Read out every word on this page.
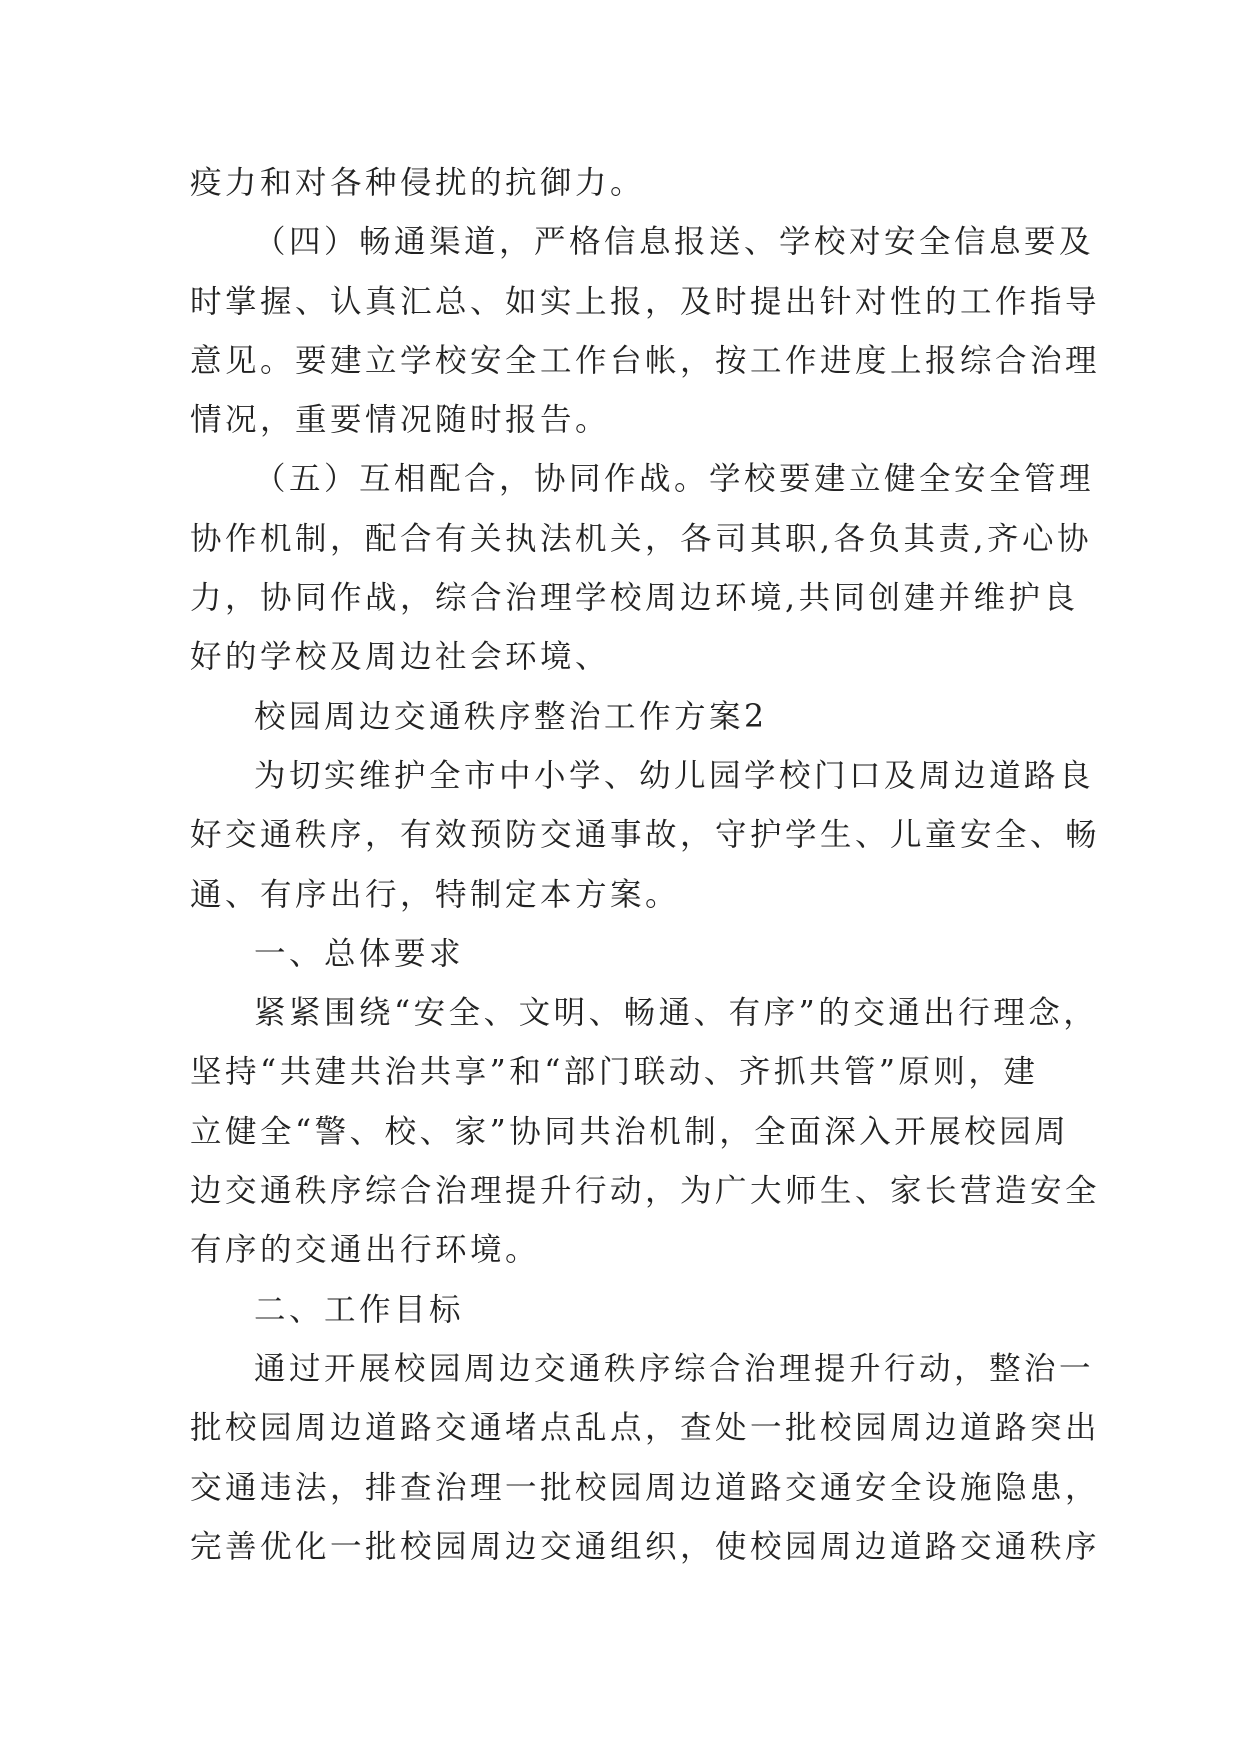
疫力和对各种侵扰的抗御力。
（四）畅通渠道，严格信息报送、学校对安全信息要及
时掌握、认真汇总、如实上报，及时提出针对性的工作指导
意见。要建立学校安全工作台帐，按工作进度上报综合治理
情况，重要情况随时报告。
（五）互相配合，协同作战。学校要建立健全安全管理
协作机制，配合有关执法机关，各司其职,各负其责,齐心协
力，协同作战，综合治理学校周边环境,共同创建并维护良
好的学校及周边社会环境、
校园周边交通秩序整治工作方案2
为切实维护全市中小学、幼儿园学校门口及周边道路良
好交通秩序，有效预防交通事故，守护学生、儿童安全、畅
通、有序出行，特制定本方案。
一、总体要求
紧紧围绕“安全、文明、畅通、有序”的交通出行理念，
坚持“共建共治共享”和“部门联动、齐抓共管”原则，建
立健全“警、校、家”协同共治机制，全面深入开展校园周
边交通秩序综合治理提升行动，为广大师生、家长营造安全
有序的交通出行环境。
二、工作目标
通过开展校园周边交通秩序综合治理提升行动，整治一
批校园周边道路交通堵点乱点，查处一批校园周边道路突出
交通违法，排查治理一批校园周边道路交通安全设施隐患，
完善优化一批校园周边交通组织，使校园周边道路交通秩序
